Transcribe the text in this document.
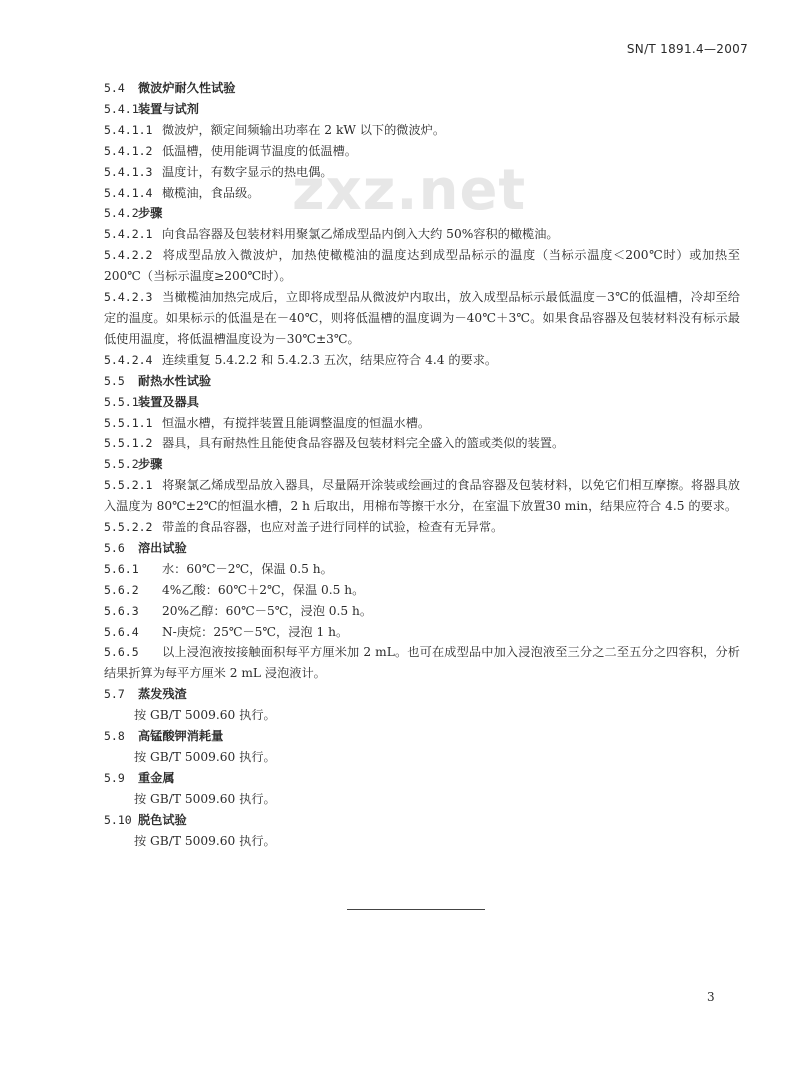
SN/T 1891.4—2007
zxz.net
5.4 微波炉耐久性试验
5.4.1装置与试剂
5.4.1.1 微波炉，额定间频输出功率在 2 kW 以下的微波炉。
5.4.1.2 低温槽，使用能调节温度的低温槽。
5.4.1.3 温度计，有数字显示的热电偶。
5.4.1.4 橄榄油，食品级。
5.4.2步骤
5.4.2.1 向食品容器及包装材料用聚氯乙烯成型品内倒入大约 50%容积的橄榄油。
5.4.2.2 将成型品放入微波炉，加热使橄榄油的温度达到成型品标示的温度（当标示温度＜200℃时）或加热至 200℃（当标示温度≥200℃时）。
5.4.2.3 当橄榄油加热完成后，立即将成型品从微波炉内取出，放入成型品标示最低温度－3℃的低温槽，冷却至给定的温度。如果标示的低温是在－40℃，则将低温槽的温度调为－40℃＋3℃。如果食品容器及包装材料没有标示最低使用温度，将低温槽温度设为－30℃±3℃。
5.4.2.4 连续重复 5.4.2.2 和 5.4.2.3 五次，结果应符合 4.4 的要求。
5.5 耐热水性试验
5.5.1装置及器具
5.5.1.1 恒温水槽，有搅拌装置且能调整温度的恒温水槽。
5.5.1.2 器具，具有耐热性且能使食品容器及包装材料完全盛入的篮或类似的装置。
5.5.2步骤
5.5.2.1 将聚氯乙烯成型品放入器具，尽量隔开涂装或绘画过的食品容器及包装材料，以免它们相互摩擦。将器具放入温度为 80℃±2℃的恒温水槽，2 h 后取出，用棉布等擦干水分，在室温下放置30 min，结果应符合 4.5 的要求。
5.5.2.2 带盖的食品容器，也应对盖子进行同样的试验，检查有无异常。
5.6 溶出试验
5.6.1 水：60℃－2℃，保温 0.5 h。
5.6.2 4%乙酸：60℃＋2℃，保温 0.5 h。
5.6.3 20%乙醇：60℃－5℃，浸泡 0.5 h。
5.6.4 N-庚烷：25℃－5℃，浸泡 1 h。
5.6.5 以上浸泡液按接触面积每平方厘米加 2 mL。也可在成型品中加入浸泡液至三分之二至五分之四容积，分析结果折算为每平方厘米 2 mL 浸泡液计。
5.7 蒸发残渣
按 GB/T 5009.60 执行。
5.8 高锰酸钾消耗量
按 GB/T 5009.60 执行。
5.9 重金属
按 GB/T 5009.60 执行。
5.10 脱色试验
按 GB/T 5009.60 执行。
3
